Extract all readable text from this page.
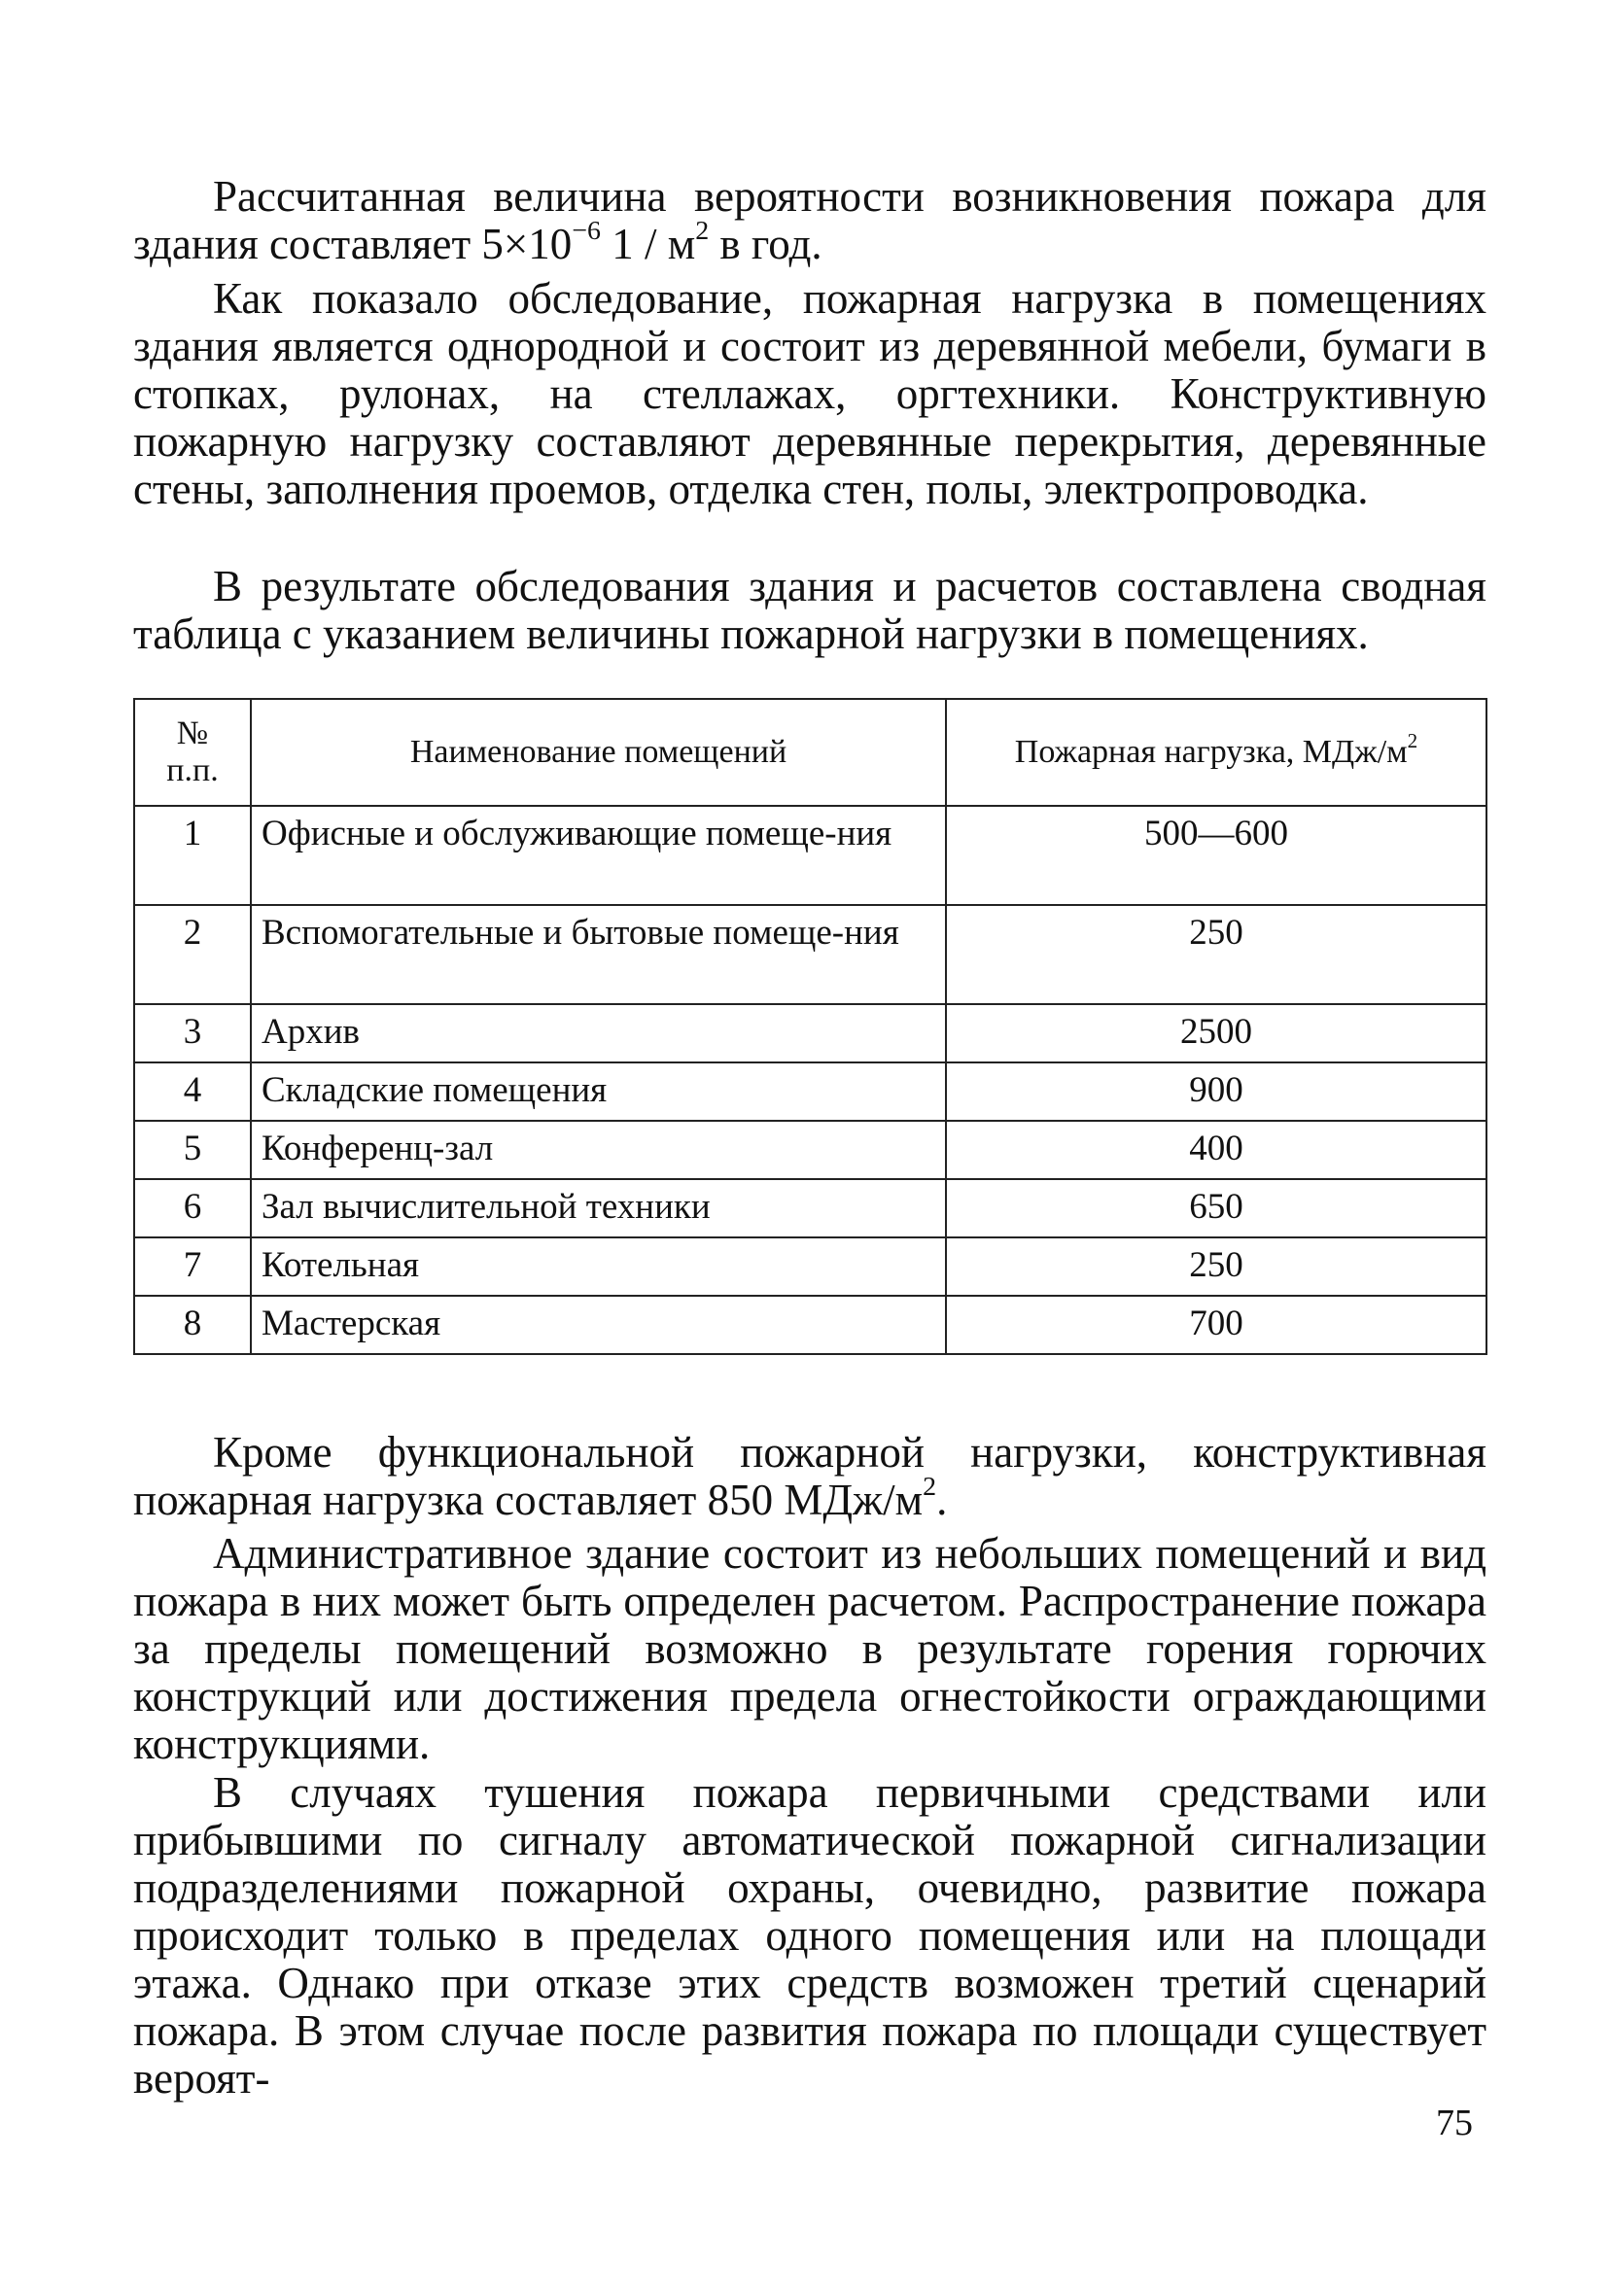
Рассчитанная величина вероятности возникновения пожара для здания составляет $5\times 10^{-6}$ $1 / м^2$ в год.

Как показало обследование, пожарная нагрузка в помещениях здания является однородной и состоит из деревянной мебели, бумаги в стопках, рулонах, на стеллажах, оргтехники. Конструктивную пожарную нагрузку составляют деревянные перекрытия, деревянные стены, заполнения проемов, отделка стен, полы, электропроводка.

В результате обследования здания и расчетов составлена сводная таблица с указанием величины пожарной нагрузки в помещениях.

№
п.п.	Наименование помещений	Пожарная нагрузка, МДж/$м^2$
1	Офисные и обслуживающие помеще-ния	500—600
2	Вспомогательные и бытовые помеще-ния	250
3	Архив	2500
4	Складские помещения	900
5	Конференц-зал	400
6	Зал вычислительной техники	650
7	Котельная	250
8	Мастерская	700

Кроме функциональной пожарной нагрузки, конструктивная пожарная нагрузка составляет 850 МДж/$м^2$.

Административное здание состоит из небольших помещений и вид пожара в них может быть определен расчетом. Распространение пожара за пределы помещений возможно в результате горения горючих конструкций или достижения предела огнестойкости ограждающими конструкциями.

В случаях тушения пожара первичными средствами или прибывшими по сигналу автоматической пожарной сигнализации подразделениями пожарной охраны, очевидно, развитие пожара происходит только в пределах одного помещения или на площади этажа. Однако при отказе этих средств возможен третий сценарий пожара. В этом случае после развития пожара по площади существует вероят-

75
